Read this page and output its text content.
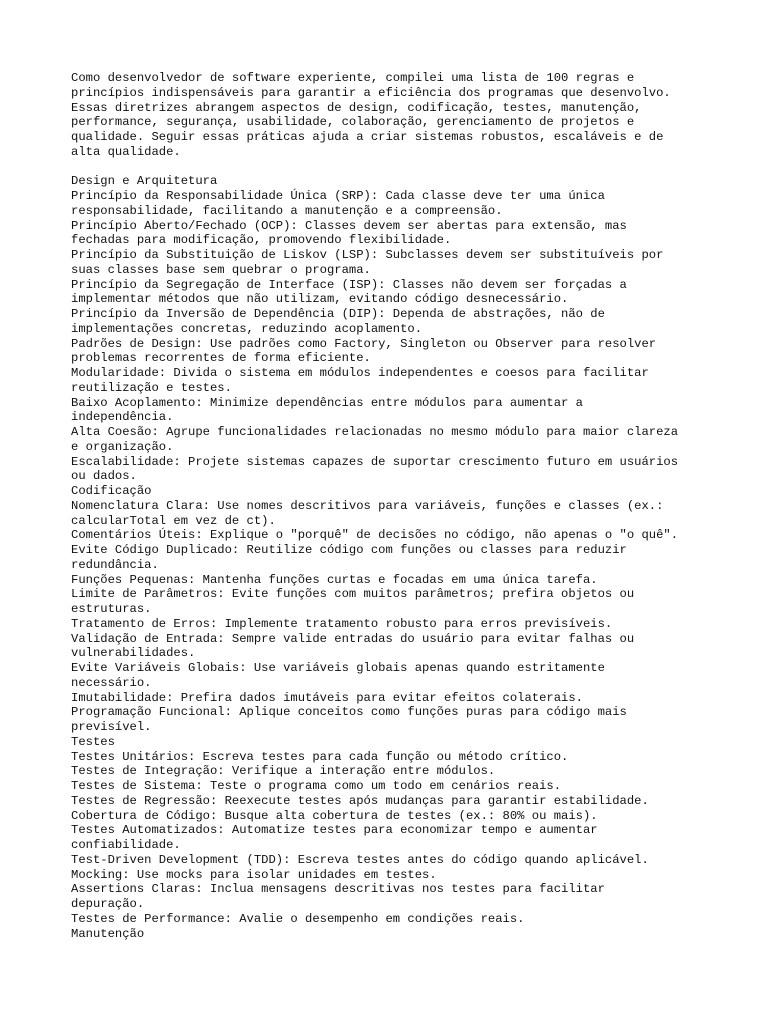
Como desenvolvedor de software experiente, compilei uma lista de 100 regras e
princípios indispensáveis para garantir a eficiência dos programas que desenvolvo.
Essas diretrizes abrangem aspectos de design, codificação, testes, manutenção,
performance, segurança, usabilidade, colaboração, gerenciamento de projetos e
qualidade. Seguir essas práticas ajuda a criar sistemas robustos, escaláveis e de
alta qualidade.
Design e Arquitetura
Princípio da Responsabilidade Única (SRP): Cada classe deve ter uma única
responsabilidade, facilitando a manutenção e a compreensão.
Princípio Aberto/Fechado (OCP): Classes devem ser abertas para extensão, mas
fechadas para modificação, promovendo flexibilidade.
Princípio da Substituição de Liskov (LSP): Subclasses devem ser substituíveis por
suas classes base sem quebrar o programa.
Princípio da Segregação de Interface (ISP): Classes não devem ser forçadas a
implementar métodos que não utilizam, evitando código desnecessário.
Princípio da Inversão de Dependência (DIP): Dependa de abstrações, não de
implementações concretas, reduzindo acoplamento.
Padrões de Design: Use padrões como Factory, Singleton ou Observer para resolver
problemas recorrentes de forma eficiente.
Modularidade: Divida o sistema em módulos independentes e coesos para facilitar
reutilização e testes.
Baixo Acoplamento: Minimize dependências entre módulos para aumentar a
independência.
Alta Coesão: Agrupe funcionalidades relacionadas no mesmo módulo para maior clareza
e organização.
Escalabilidade: Projete sistemas capazes de suportar crescimento futuro em usuários
ou dados.
Codificação
Nomenclatura Clara: Use nomes descritivos para variáveis, funções e classes (ex.:
calcularTotal em vez de ct).
Comentários Úteis: Explique o "porquê" de decisões no código, não apenas o "o quê".
Evite Código Duplicado: Reutilize código com funções ou classes para reduzir
redundância.
Funções Pequenas: Mantenha funções curtas e focadas em uma única tarefa.
Limite de Parâmetros: Evite funções com muitos parâmetros; prefira objetos ou
estruturas.
Tratamento de Erros: Implemente tratamento robusto para erros previsíveis.
Validação de Entrada: Sempre valide entradas do usuário para evitar falhas ou
vulnerabilidades.
Evite Variáveis Globais: Use variáveis globais apenas quando estritamente
necessário.
Imutabilidade: Prefira dados imutáveis para evitar efeitos colaterais.
Programação Funcional: Aplique conceitos como funções puras para código mais
previsível.
Testes
Testes Unitários: Escreva testes para cada função ou método crítico.
Testes de Integração: Verifique a interação entre módulos.
Testes de Sistema: Teste o programa como um todo em cenários reais.
Testes de Regressão: Reexecute testes após mudanças para garantir estabilidade.
Cobertura de Código: Busque alta cobertura de testes (ex.: 80% ou mais).
Testes Automatizados: Automatize testes para economizar tempo e aumentar
confiabilidade.
Test-Driven Development (TDD): Escreva testes antes do código quando aplicável.
Mocking: Use mocks para isolar unidades em testes.
Assertions Claras: Inclua mensagens descritivas nos testes para facilitar
depuração.
Testes de Performance: Avalie o desempenho em condições reais.
Manutenção
